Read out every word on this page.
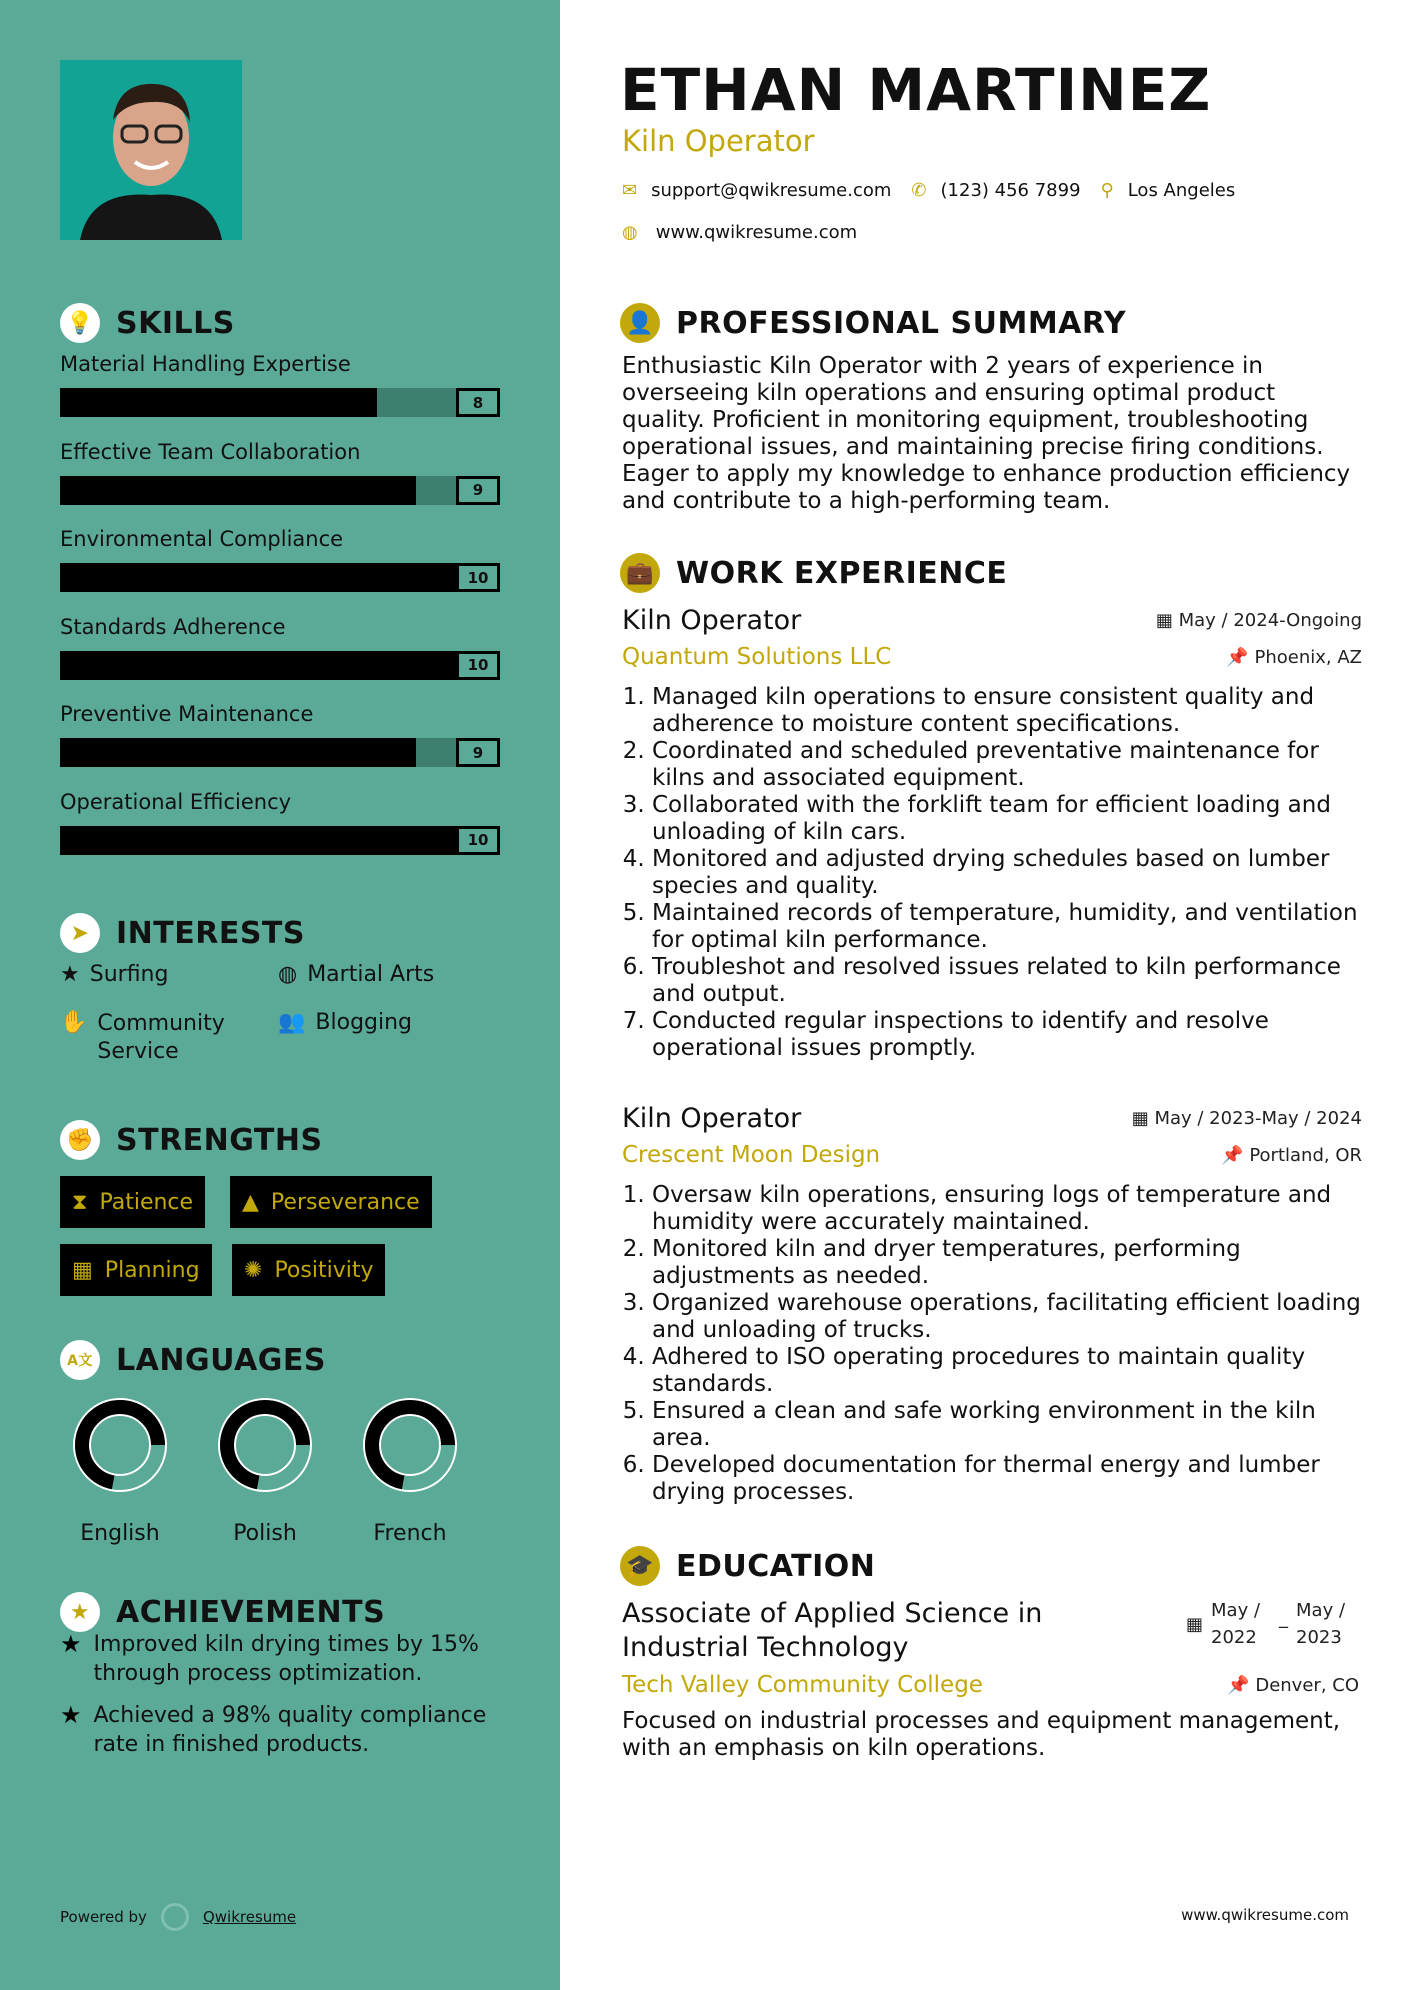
💡 SKILLS
Material Handling Expertise
8
Effective Team Collaboration
9
Environmental Compliance
10
Standards Adherence
10
Preventive Maintenance
9
Operational Efficiency
10
➤ INTERESTS
★ Surfing	◍ Martial Arts
✋ Community Service
👥 Blogging
✊ STRENGTHS
⧗ Patience ▲ Perseverance
▦ Planning ✺ Positivity
A文 LANGUAGES
English	Polish	French
★ ACHIEVEMENTS
★ Improved kiln drying times by 15% through process optimization.
★ Achieved a 98% quality compliance rate in finished products.
Powered by	Qwikresume	www.qwikresume.com
ETHAN MARTINEZ
Kiln Operator
✉ support@qwikresume.com ✆ (123) 456 7899 ⚲ Los Angeles
◍ www.qwikresume.com
👤 PROFESSIONAL SUMMARY
Enthusiastic Kiln Operator with 2 years of experience in overseeing kiln operations and ensuring optimal product quality. Proficient in monitoring equipment, troubleshooting operational issues, and maintaining precise firing conditions. Eager to apply my knowledge to enhance production efficiency and contribute to a high-performing team.
💼 WORK EXPERIENCE
Kiln Operator	▦ May / 2024-Ongoing
Quantum Solutions LLC	📌 Phoenix, AZ
1. Managed kiln operations to ensure consistent quality and adherence to moisture content specifications.
2. Coordinated and scheduled preventative maintenance for kilns and associated equipment.
3. Collaborated with the forklift team for efficient loading and unloading of kiln cars.
4. Monitored and adjusted drying schedules based on lumber species and quality.
5. Maintained records of temperature, humidity, and ventilation for optimal kiln performance.
6. Troubleshot and resolved issues related to kiln performance and output.
7. Conducted regular inspections to identify and resolve operational issues promptly.
Kiln Operator	▦ May / 2023-May / 2024
Crescent Moon Design	📌 Portland, OR
1. Oversaw kiln operations, ensuring logs of temperature and humidity were accurately maintained.
2. Monitored kiln and dryer temperatures, performing adjustments as needed.
3. Organized warehouse operations, facilitating efficient loading and unloading of trucks.
4. Adhered to ISO operating procedures to maintain quality standards.
5. Ensured a clean and safe working environment in the kiln area.
6. Developed documentation for thermal energy and lumber drying processes.
🎓 EDUCATION
Associate of Applied Science in Industrial Technology
▦
May / 2022
_ May / 2023
Tech Valley Community College	📌 Denver, CO
Focused on industrial processes and equipment management, with an emphasis on kiln operations.
